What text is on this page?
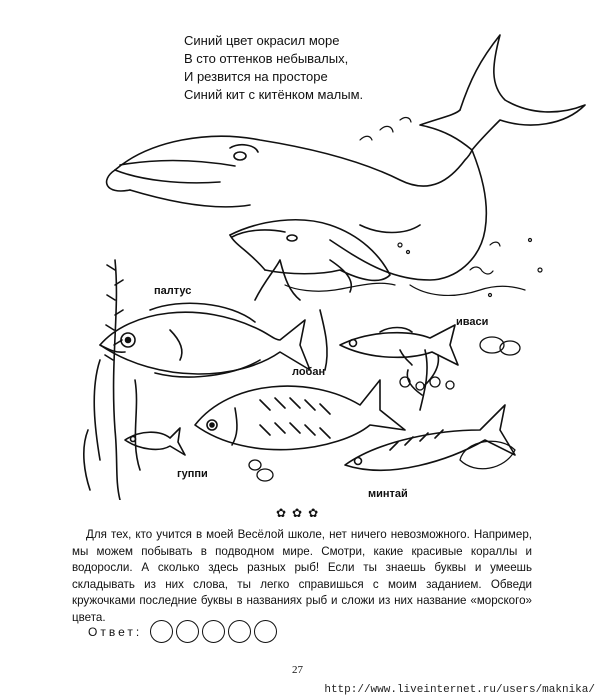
Синий цвет окрасил море
В сто оттенков небывалых,
И резвится на просторе
Синий кит с китёнком малым.
палтус
иваси
лобан
гуппи
минтай
✿✿✿
Для тех, кто учится в моей Весёлой школе, нет ничего невозможного. Например, мы можем побывать в подводном мире. Смотри, какие красивые кораллы и водоросли. А сколько здесь разных рыб! Если ты знаешь буквы и умеешь складывать из них слова, ты легко справишься с моим заданием. Обведи кружочками последние буквы в названиях рыб и сложи из них название «морского» цвета.
Ответ:
27
http://www.liveinternet.ru/users/maknika/
